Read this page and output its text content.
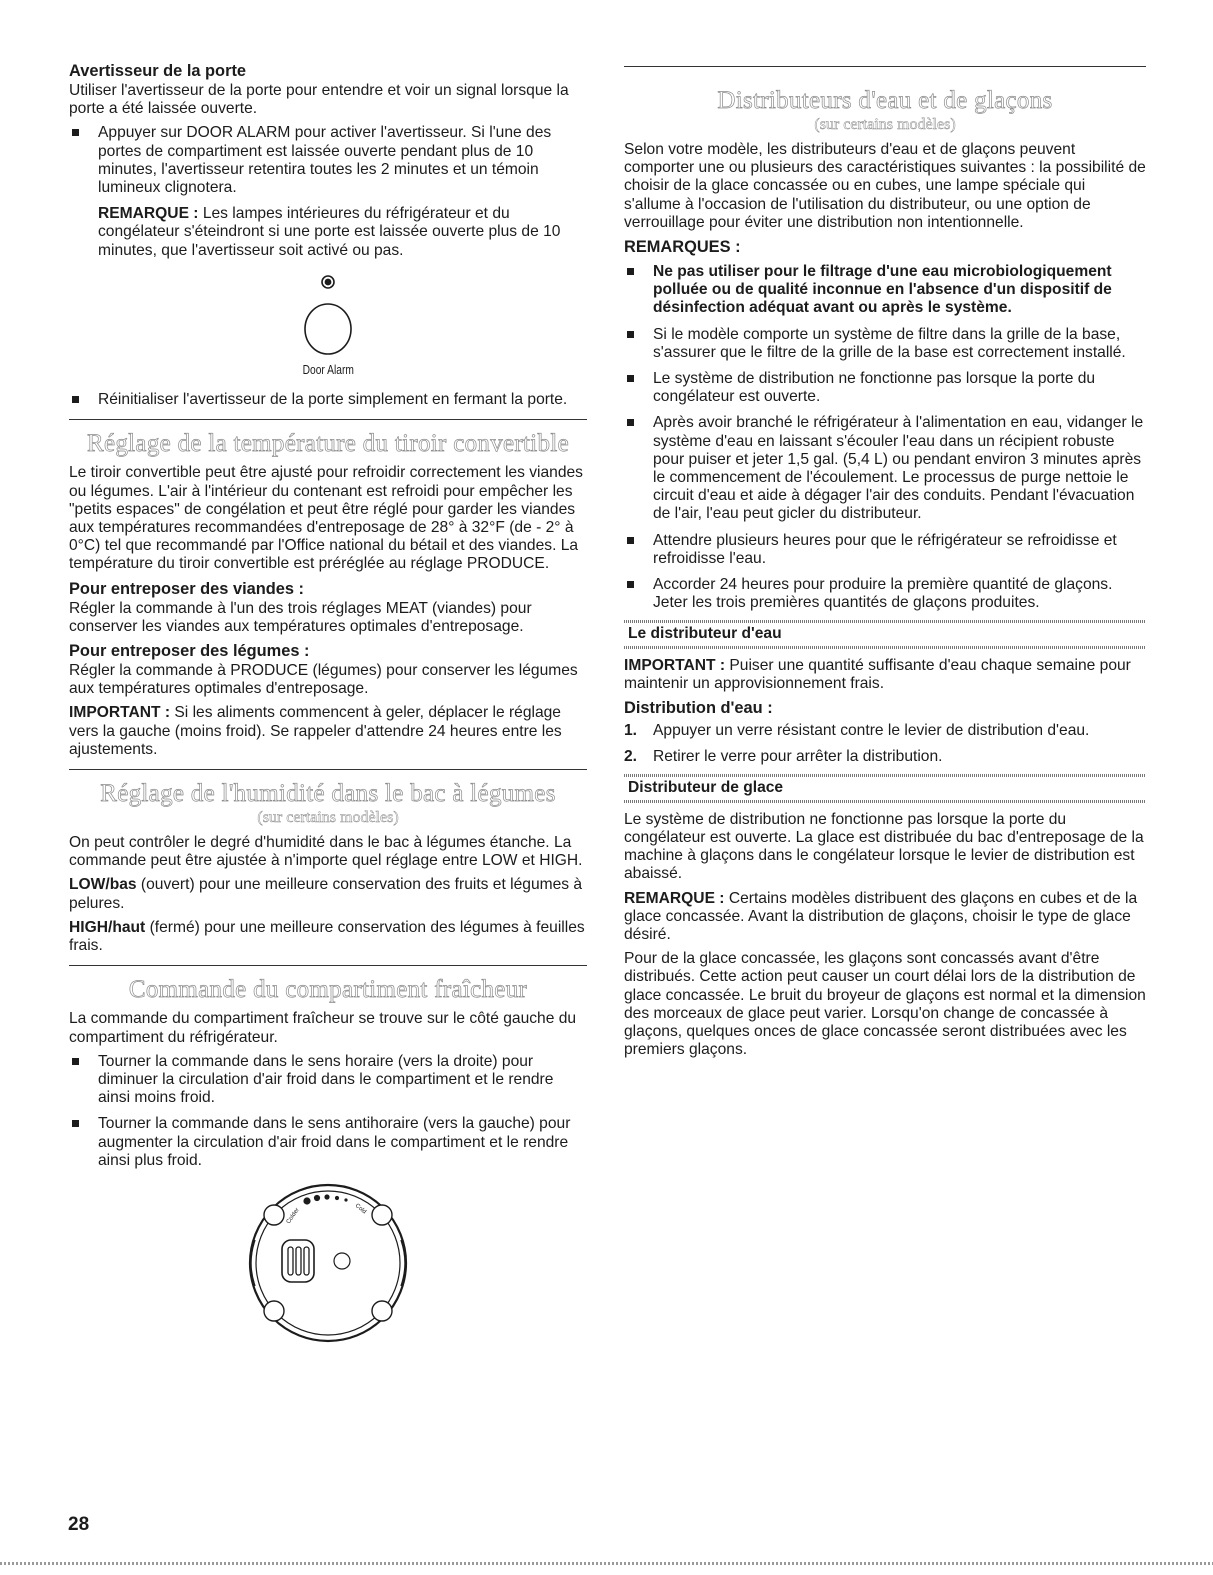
Avertisseur de la porte

Utiliser l'avertisseur de la porte pour entendre et voir un signal lorsque la porte a été laissée ouverte.

Appuyer sur DOOR ALARM pour activer l'avertisseur. Si l'une des portes de compartiment est laissée ouverte pendant plus de 10 minutes, l'avertisseur retentira toutes les 2 minutes et un témoin lumineux clignotera.

REMARQUE : Les lampes intérieures du réfrigérateur et du congélateur s'éteindront si une porte est laissée ouverte plus de 10 minutes, que l'avertisseur soit activé ou pas.

Door Alarm
Réinitialiser l'avertisseur de la porte simplement en fermant la porte.
Réglage de la température du tiroir convertible

Le tiroir convertible peut être ajusté pour refroidir correctement les viandes ou légumes. L'air à l'intérieur du contenant est refroidi pour empêcher les "petits espaces" de congélation et peut être réglé pour garder les viandes aux températures recommandées d'entreposage de 28° à 32°F (de - 2° à 0°C) tel que recommandé par l'Office national du bétail et des viandes. La température du tiroir convertible est préréglée au réglage PRODUCE.

Pour entreposer des viandes :

Régler la commande à l'un des trois réglages MEAT (viandes) pour conserver les viandes aux températures optimales d'entreposage.

Pour entreposer des légumes :

Régler la commande à PRODUCE (légumes) pour conserver les légumes aux températures optimales d'entreposage.

IMPORTANT : Si les aliments commencent à geler, déplacer le réglage vers la gauche (moins froid). Se rappeler d'attendre 24 heures entre les ajustements.

Réglage de l'humidité dans le bac à légumes
(sur certains modèles)

On peut contrôler le degré d'humidité dans le bac à légumes étanche. La commande peut être ajustée à n'importe quel réglage entre LOW et HIGH.

LOW/bas (ouvert) pour une meilleure conservation des fruits et légumes à pelures.

HIGH/haut (fermé) pour une meilleure conservation des légumes à feuilles frais.

Commande du compartiment fraîcheur

La commande du compartiment fraîcheur se trouve sur le côté gauche du compartiment du réfrigérateur.

Tourner la commande dans le sens horaire (vers la droite) pour diminuer la circulation d'air froid dans le compartiment et le rendre ainsi moins froid.
Tourner la commande dans le sens antihoraire (vers la gauche) pour augmenter la circulation d'air froid dans le compartiment et le rendre ainsi plus froid.
Colder	Cold
Distributeurs d'eau et de glaçons
(sur certains modèles)

Selon votre modèle, les distributeurs d'eau et de glaçons peuvent comporter une ou plusieurs des caractéristiques suivantes : la possibilité de choisir de la glace concassée ou en cubes, une lampe spéciale qui s'allume à l'occasion de l'utilisation du distributeur, ou une option de verrouillage pour éviter une distribution non intentionnelle.

REMARQUES :
Ne pas utiliser pour le filtrage d'une eau microbiologiquement polluée ou de qualité inconnue en l'absence d'un dispositif de désinfection adéquat avant ou après le système.
Si le modèle comporte un système de filtre dans la grille de la base, s'assurer que le filtre de la grille de la base est correctement installé.
Le système de distribution ne fonctionne pas lorsque la porte du congélateur est ouverte.
Après avoir branché le réfrigérateur à l'alimentation en eau, vidanger le système d'eau en laissant s'écouler l'eau dans un récipient robuste pour puiser et jeter 1,5 gal. (5,4 L) ou pendant environ 3 minutes après le commencement de l'écoulement. Le processus de purge nettoie le circuit d'eau et aide à dégager l'air des conduits. Pendant l'évacuation de l'air, l'eau peut gicler du distributeur.
Attendre plusieurs heures pour que le réfrigérateur se refroidisse et refroidisse l'eau.
Accorder 24 heures pour produire la première quantité de glaçons. Jeter les trois premières quantités de glaçons produites.
Le distributeur d'eau

IMPORTANT : Puiser une quantité suffisante d'eau chaque semaine pour maintenir un approvisionnement frais.

Distribution d'eau :
1. Appuyer un verre résistant contre le levier de distribution d'eau.
2. Retirer le verre pour arrêter la distribution.
Distributeur de glace

Le système de distribution ne fonctionne pas lorsque la porte du congélateur est ouverte. La glace est distribuée du bac d'entreposage de la machine à glaçons dans le congélateur lorsque le levier de distribution est abaissé.

REMARQUE : Certains modèles distribuent des glaçons en cubes et de la glace concassée. Avant la distribution de glaçons, choisir le type de glace désiré.

Pour de la glace concassée, les glaçons sont concassés avant d'être distribués. Cette action peut causer un court délai lors de la distribution de glace concassée. Le bruit du broyeur de glaçons est normal et la dimension des morceaux de glace peut varier. Lorsqu'on change de concassée à glaçons, quelques onces de glace concassée seront distribuées avec les premiers glaçons.

28
